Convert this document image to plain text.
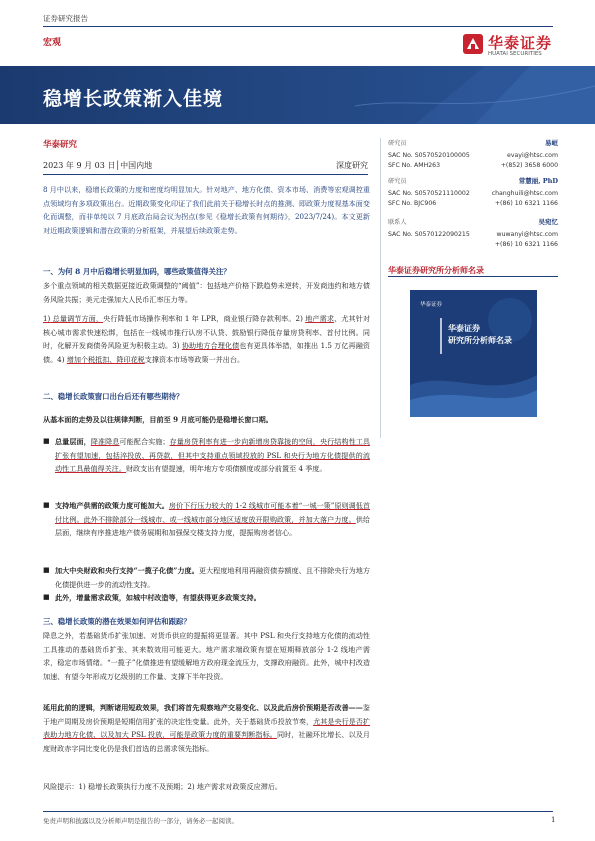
证券研究报告
宏观	华泰证券
HUATAI SECURITIES
稳增长政策渐入佳境
华泰研究
2023 年 9 月 03 日│中国内地	深度研究

8 月中以来，稳增长政策的力度和密度均明显加大。针对地产、地方化债、资本市场、消费等宏观调控重点领域均有多项政策出台。近期政策变化印证了我们此前关于稳增长时点的推测、即政策力度视基本面变化而调整，而非单纯以 7 月底政治局会议为拐点(参见《稳增长政策有何期待》，2023/7/24)。本文更新对近期政策逻辑和潜在政策的分析框架，并展望后续政策走势。

一、为何 8 月中后稳增长明显加码，哪些政策值得关注？

多个重点领域的相关数据更接近政策调整的“阈值”：包括地产价格下跌趋势未逆转，开发商违约和地方债务风险共振；美元走强加大人民币汇率压力等。

1) 总量调节方面，央行降低市场操作利率和 1 年 LPR，商业银行降存款利率。2) 地产需求、尤其针对核心城市需求快速松绑，包括在一线城市推行认房不认贷、鼓励银行降低存量房贷利率、首付比例。同时，化解开发商债务风险更为积极主动。3) 协助地方合理化债也有更具体举措，如推出 1.5 万亿再融资债。4) 增加个税抵扣、降印花税支撑资本市场等政策一并出台。

二、稳增长政策窗口出台后还有哪些期待？
从基本面的走势及以往规律判断，目前至 9 月底可能仍是稳增长窗口期。
■ 总量层面，降准降息可能配合实施；存量房贷利率有进一步向新增房贷靠拢的空间，央行结构性工具扩张有望加速，包括淬投放、再贷款，但其中支持重点领域投放的 PSL 和央行为地方化债提供的流动性工具最值得关注。财政支出有望提速，明年地方专项债额度或部分前置至 4 季度。

■ 支持地产供需的政策力度可能加大。房价下行压力较大的 1-2 线城市可能本着“一城一策”原则调低首付比例。此外不排除部分一线城市、或一线城市部分地区适度放开限购政策，并加大落户力度。供给层面，继续有序推进地产债务展期和加强保交楼支持力度，提振购房者信心。

■ 加大中央财政和央行支持“一揽子化债”力度。更大程度地利用再融资债券额度、且不排除央行为地方化债提供进一步的流动性支持。

■ 此外，增量需求政策，如城中村改造等，有望获得更多政策支持。

三、稳增长政策的潜在效果如何评估和跟踪？

降息之外，若基础货币扩张加速、对货币供应的提振将更显著。其中 PSL 和央行支持地方化债的流动性工具推动的基础货币扩张、其来数效用可能更大。地产需求端政策有望在短期释放部分 1-2 线地产需求，稳定市场情绪。“一揽子”化债推进有望缓解地方政府现金流压力，支撑政府融资。此外，城中村改造加速、有望今年形成万亿级别的工作量、支撑下半年投资。

延用此前的逻辑，判断诸用短政效果，我们将首先观察地产交易变化、以及此后房价预期是否改善——鉴于地产周期及房价预期是短期信用扩张的决定性变量。此外，关于基础货币投放节奏，尤其是央行是否扩表助力地方化债、以及加大 PSL 投放，可能是政策力度的重要判断指标。同时，社融环比增长、以及月度财政赤字同比变化仍是我们首选的总需求领先指标。

风险提示：1) 稳增长政策执行力度不及预期；2) 地产需求对政策反应滞后。
研究员	易峘
SAC No. S0570520100005	evayi@htsc.com
SFC No. AMH263	+(852) 3658 6000
研究员	常慧丽, PhD
SAC No. S0570521110002	changhuili@htsc.com
SFC No. BJC906	+(86) 10 6321 1166
联系人	吴宛忆
SAC No. S0570122090215	wuwanyi@htsc.com
+(86) 10 6321 1166
华泰证券研究所分析师名录
华泰证券
华泰证券
研究所分析师名录
免责声明和披露以及分析师声明是报告的一部分，请务必一起阅读。	1
